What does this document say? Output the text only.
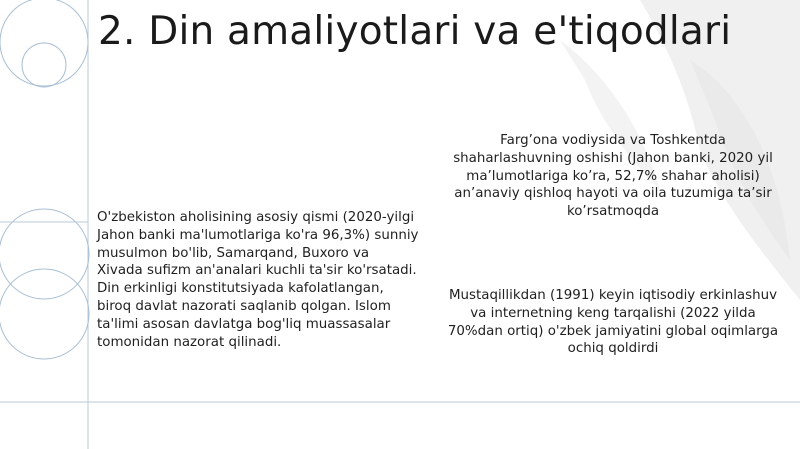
2. Din amaliyotlari va e'tiqodlari
O'zbekiston aholisining asosiy qismi (2020-yilgi Jahon banki ma'lumotlariga ko'ra 96,3%) sunniy musulmon bo'lib, Samarqand, Buxoro va Xivada sufizm an'analari kuchli ta'sir ko'rsatadi. Din erkinligi konstitutsiyada kafolatlangan, biroq davlat nazorati saqlanib qolgan. Islom ta'limi asosan davlatga bog'liq muassasalar tomonidan nazorat qilinadi.
Farg’ona vodiysida va Toshkentda shaharlashuvning oshishi (Jahon banki, 2020 yil ma’lumotlariga ko’ra, 52,7% shahar aholisi) an’anaviy qishloq hayoti va oila tuzumiga ta’sir ko’rsatmoqda
Mustaqillikdan (1991) keyin iqtisodiy erkinlashuv va internetning keng tarqalishi (2022 yilda 70%dan ortiq) o'zbek jamiyatini global oqimlarga ochiq qoldirdi
